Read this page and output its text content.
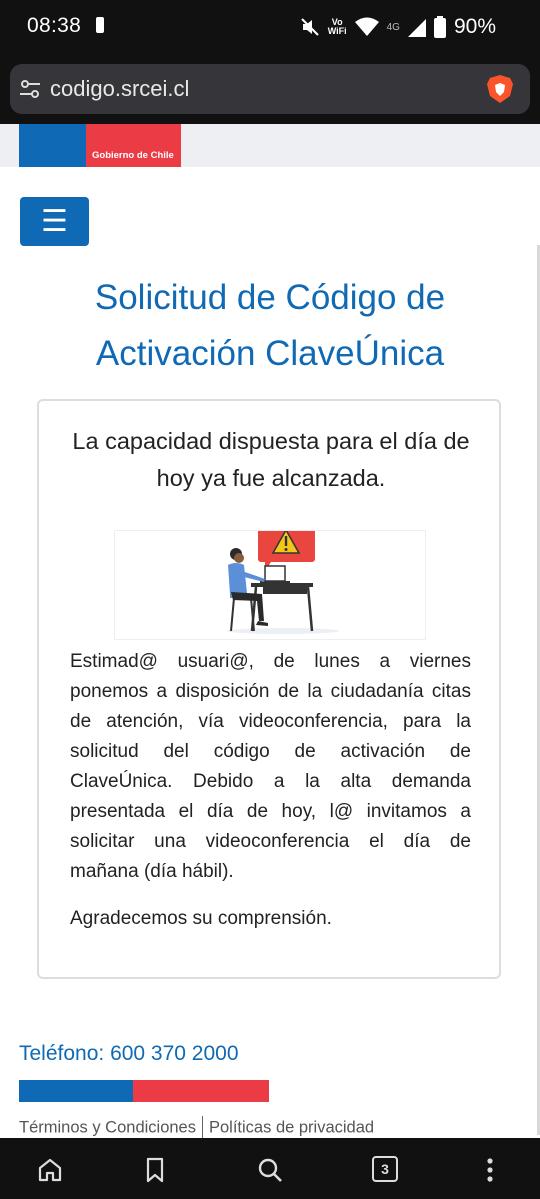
08:38	Vo
WiFi	4G	90%
codigo.srcei.cl
Gobierno de Chile
☰
Solicitud de Código de Activación ClaveÚnica
La capacidad dispuesta para el día de hoy ya fue alcanzada.

Estimad@ usuari@, de lunes a viernes ponemos a disposición de la ciudadanía citas de atención, vía videoconferencia, para la solicitud del código de activación de ClaveÚnica. Debido a la alta demanda presentada el día de hoy, l@ invitamos a solicitar una videoconferencia el día de mañana (día hábil).

Agradecemos su comprensión.

Teléfono: 600 370 2000
Términos y Condiciones Políticas de privacidad
3
